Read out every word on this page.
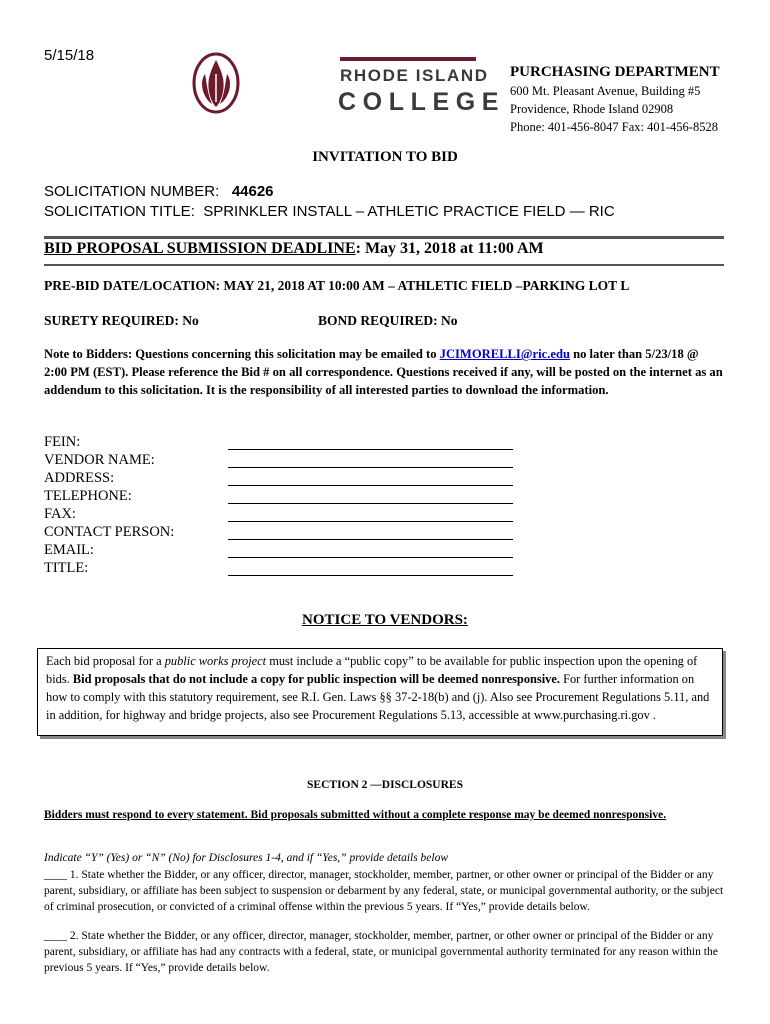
5/15/18
RHODE ISLAND
COLLEGE
PURCHASING DEPARTMENT
600 Mt. Pleasant Avenue, Building #5
Providence, Rhode Island 02908
Phone: 401-456-8047 Fax: 401-456-8528
INVITATION TO BID
SOLICITATION NUMBER: 44626
SOLICITATION TITLE: SPRINKLER INSTALL – ATHLETIC PRACTICE FIELD — RIC
BID PROPOSAL SUBMISSION DEADLINE: May 31, 2018 at 11:00 AM
PRE-BID DATE/LOCATION: MAY 21, 2018 AT 10:00 AM – ATHLETIC FIELD –PARKING LOT L
SURETY REQUIRED: No	BOND REQUIRED: No
Note to Bidders: Questions concerning this solicitation may be emailed to JCIMORELLI@ric.edu no later than 5/23/18 @ 2:00 PM (EST). Please reference the Bid # on all correspondence. Questions received if any, will be posted on the internet as an addendum to this solicitation. It is the responsibility of all interested parties to download the information.
FEIN:
VENDOR NAME:
ADDRESS:
TELEPHONE:
FAX:
CONTACT PERSON:
EMAIL:
TITLE:
NOTICE TO VENDORS:
Each bid proposal for a public works project must include a “public copy” to be available for public inspection upon the opening of bids. Bid proposals that do not include a copy for public inspection will be deemed nonresponsive. For further information on how to comply with this statutory requirement, see R.I. Gen. Laws §§ 37-2-18(b) and (j). Also see Procurement Regulations 5.11, and in addition, for highway and bridge projects, also see Procurement Regulations 5.13, accessible at www.purchasing.ri.gov .
SECTION 2 —DISCLOSURES
Bidders must respond to every statement. Bid proposals submitted without a complete response may be deemed nonresponsive.
Indicate “Y” (Yes) or “N” (No) for Disclosures 1-4, and if “Yes,” provide details below
____ 1. State whether the Bidder, or any officer, director, manager, stockholder, member, partner, or other owner or principal of the Bidder or any parent, subsidiary, or affiliate has been subject to suspension or debarment by any federal, state, or municipal governmental authority, or the subject of criminal prosecution, or convicted of a criminal offense within the previous 5 years. If “Yes,” provide details below.
____ 2. State whether the Bidder, or any officer, director, manager, stockholder, member, partner, or other owner or principal of the Bidder or any parent, subsidiary, or affiliate has had any contracts with a federal, state, or municipal governmental authority terminated for any reason within the previous 5 years. If “Yes,” provide details below.
